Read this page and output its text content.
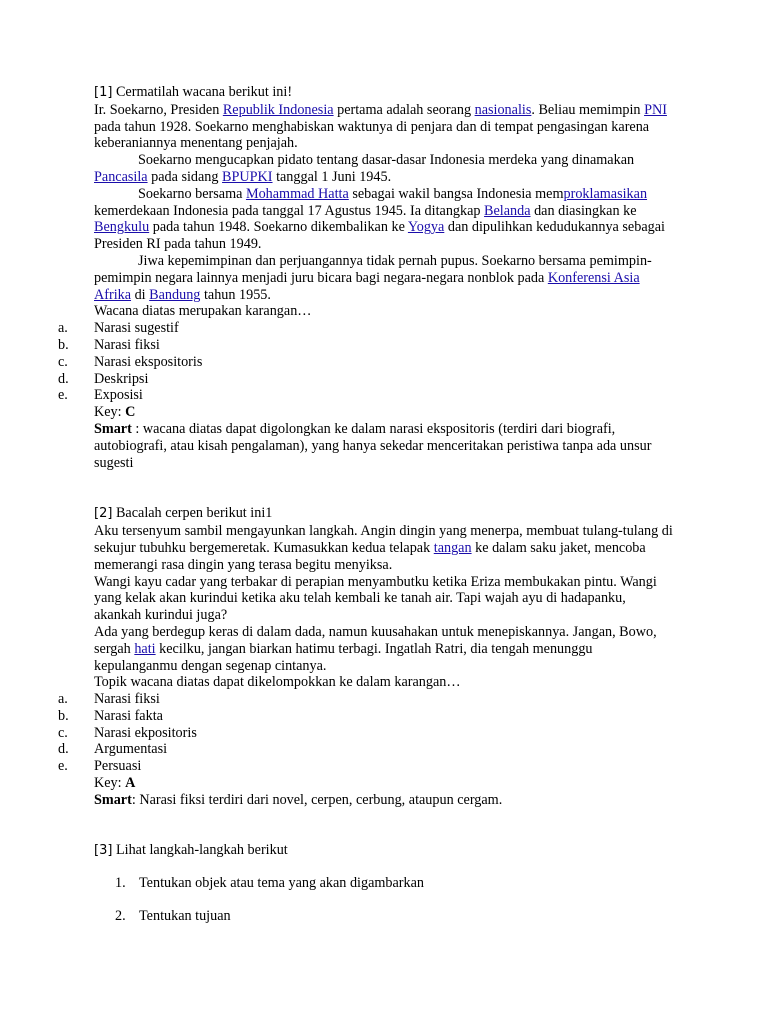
[1] Cermatilah wacana berikut ini!

Ir. Soekarno, Presiden Republik Indonesia pertama adalah seorang nasionalis. Beliau memimpin PNI pada tahun 1928. Soekarno menghabiskan waktunya di penjara dan di tempat pengasingan karena keberaniannya menentang penjajah.

Soekarno mengucapkan pidato tentang dasar-dasar Indonesia merdeka yang dinamakan Pancasila pada sidang BPUPKI tanggal 1 Juni 1945.

Soekarno bersama Mohammad Hatta sebagai wakil bangsa Indonesia memproklamasikan kemerdekaan Indonesia pada tanggal 17 Agustus 1945. Ia ditangkap Belanda dan diasingkan ke Bengkulu pada tahun 1948. Soekarno dikembalikan ke Yogya dan dipulihkan kedudukannya sebagai Presiden RI pada tahun 1949.

Jiwa kepemimpinan dan perjuangannya tidak pernah pupus. Soekarno bersama pemimpin-pemimpin negara lainnya menjadi juru bicara bagi negara-negara nonblok pada Konferensi Asia Afrika di Bandung tahun 1955.

Wacana diatas merupakan karangan…

a. Narasi sugestif

b. Narasi fiksi

c. Narasi ekspositoris

d. Deskripsi

e. Exposisi

Key: C

Smart : wacana diatas dapat digolongkan ke dalam narasi ekspositoris (terdiri dari biografi, autobiografi, atau kisah pengalaman), yang hanya sekedar menceritakan peristiwa tanpa ada unsur sugesti

[2] Bacalah cerpen berikut ini1

Aku tersenyum sambil mengayunkan langkah. Angin dingin yang menerpa, membuat tulang-tulang di sekujur tubuhku bergemeretak. Kumasukkan kedua telapak tangan ke dalam saku jaket, mencoba memerangi rasa dingin yang terasa begitu menyiksa.

Wangi kayu cadar yang terbakar di perapian menyambutku ketika Eriza membukakan pintu. Wangi yang kelak akan kurindui ketika aku telah kembali ke tanah air. Tapi wajah ayu di hadapanku, akankah kurindui juga?

Ada yang berdegup keras di dalam dada, namun kuusahakan untuk menepiskannya. Jangan, Bowo, sergah hati kecilku, jangan biarkan hatimu terbagi. Ingatlah Ratri, dia tengah menunggu kepulanganmu dengan segenap cintanya.

Topik wacana diatas dapat dikelompokkan ke dalam karangan…

a. Narasi fiksi

b. Narasi fakta

c. Narasi ekpositoris

d. Argumentasi

e. Persuasi

Key: A

Smart: Narasi fiksi terdiri dari novel, cerpen, cerbung, ataupun cergam.

[3] Lihat langkah-langkah berikut

1. Tentukan objek atau tema yang akan digambarkan

2. Tentukan tujuan
